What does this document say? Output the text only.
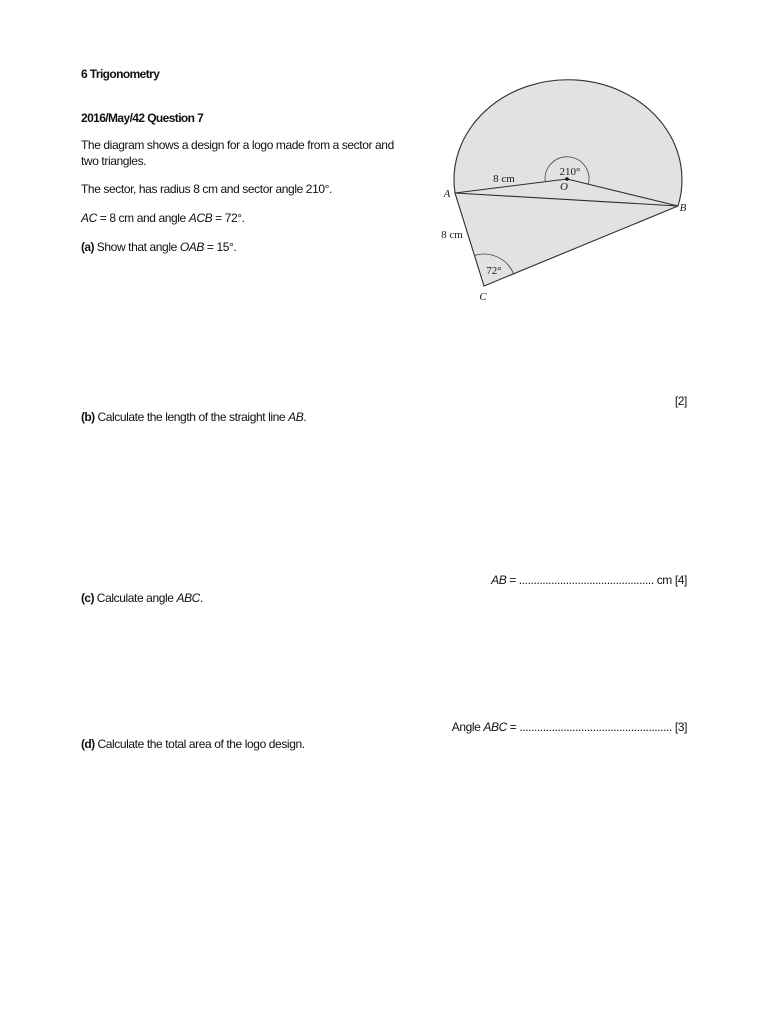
6 Trigonometry
2016/May/42 Question 7
The diagram shows a design for a logo made from a sector and
two triangles.
The sector, has radius 8 cm and sector angle 210°.
AC = 8 cm and angle ACB = 72°.
(a) Show that angle OAB = 15°.
210°
O
8 cm
A
B
8 cm
72°
C
[2]
(b) Calculate the length of the straight line AB.
AB = .............................................. cm [4]
(c) Calculate angle ABC.
Angle ABC = .................................................... [3]
(d) Calculate the total area of the logo design.
